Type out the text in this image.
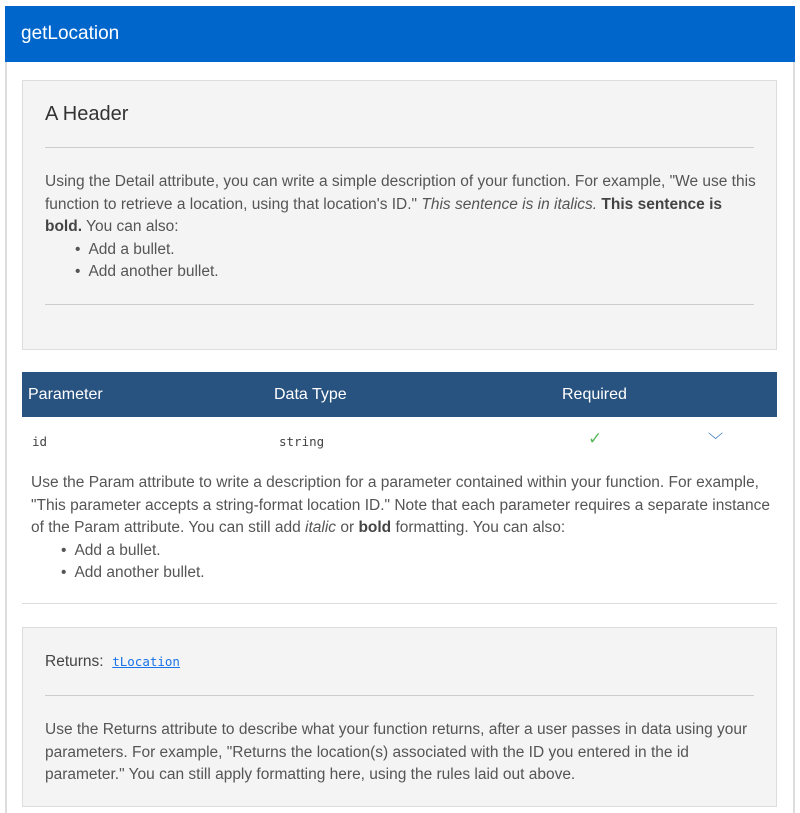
getLocation
A Header
Using the Detail attribute, you can write a simple description of your function. For example, "We use this function to retrieve a location, using that location's ID." This sentence is in italics. This sentence is bold. You can also:
• Add a bullet.
• Add another bullet.
Parameter	Data Type	Required
id	string	✓	﹀
Use the Param attribute to write a description for a parameter contained within your function. For example, "This parameter accepts a string-format location ID." Note that each parameter requires a separate instance of the Param attribute. You can still add italic or bold formatting. You can also:
• Add a bullet.
• Add another bullet.
Returns: tLocation
Use the Returns attribute to describe what your function returns, after a user passes in data using your parameters. For example, "Returns the location(s) associated with the ID you entered in the id parameter." You can still apply formatting here, using the rules laid out above.
